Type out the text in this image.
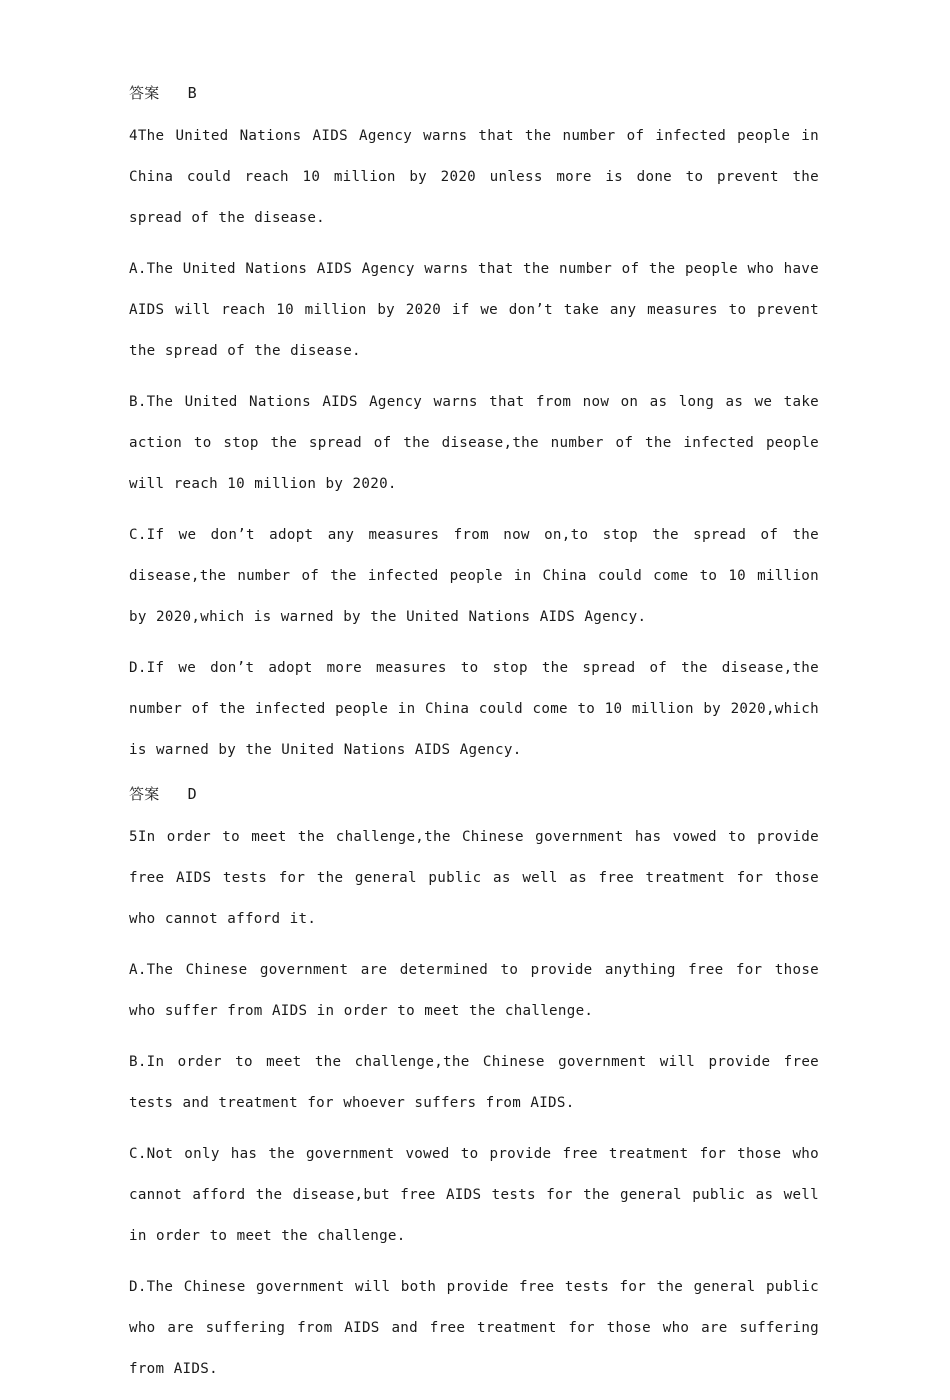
答案 B

4The United Nations AIDS Agency warns that the number of infected people in China could reach 10 million by 2020 unless more is done to prevent the spread of the disease.

A.The United Nations AIDS Agency warns that the number of the people who have AIDS will reach 10 million by 2020 if we don’t take any measures to prevent the spread of the disease.

B.The United Nations AIDS Agency warns that from now on as long as we take action to stop the spread of the disease,the number of the infected people will reach 10 million by 2020.

C.If we don’t adopt any measures from now on,to stop the spread of the disease,the number of the infected people in China could come to 10 million by 2020,which is warned by the United Nations AIDS Agency.

D.If we don’t adopt more measures to stop the spread of the disease,the number of the infected people in China could come to 10 million by 2020,which is warned by the United Nations AIDS Agency.

答案 D

5In order to meet the challenge,the Chinese government has vowed to provide free AIDS tests for the general public as well as free treatment for those who cannot afford it.

A.The Chinese government are determined to provide anything free for those who suffer from AIDS in order to meet the challenge.

B.In order to meet the challenge,the Chinese government will provide free tests and treatment for whoever suffers from AIDS.

C.Not only has the government vowed to provide free treatment for those who cannot afford the disease,but free AIDS tests for the general public as well in order to meet the challenge.

D.The Chinese government will both provide free tests for the general public who are suffering from AIDS and free treatment for those who are suffering from AIDS.
